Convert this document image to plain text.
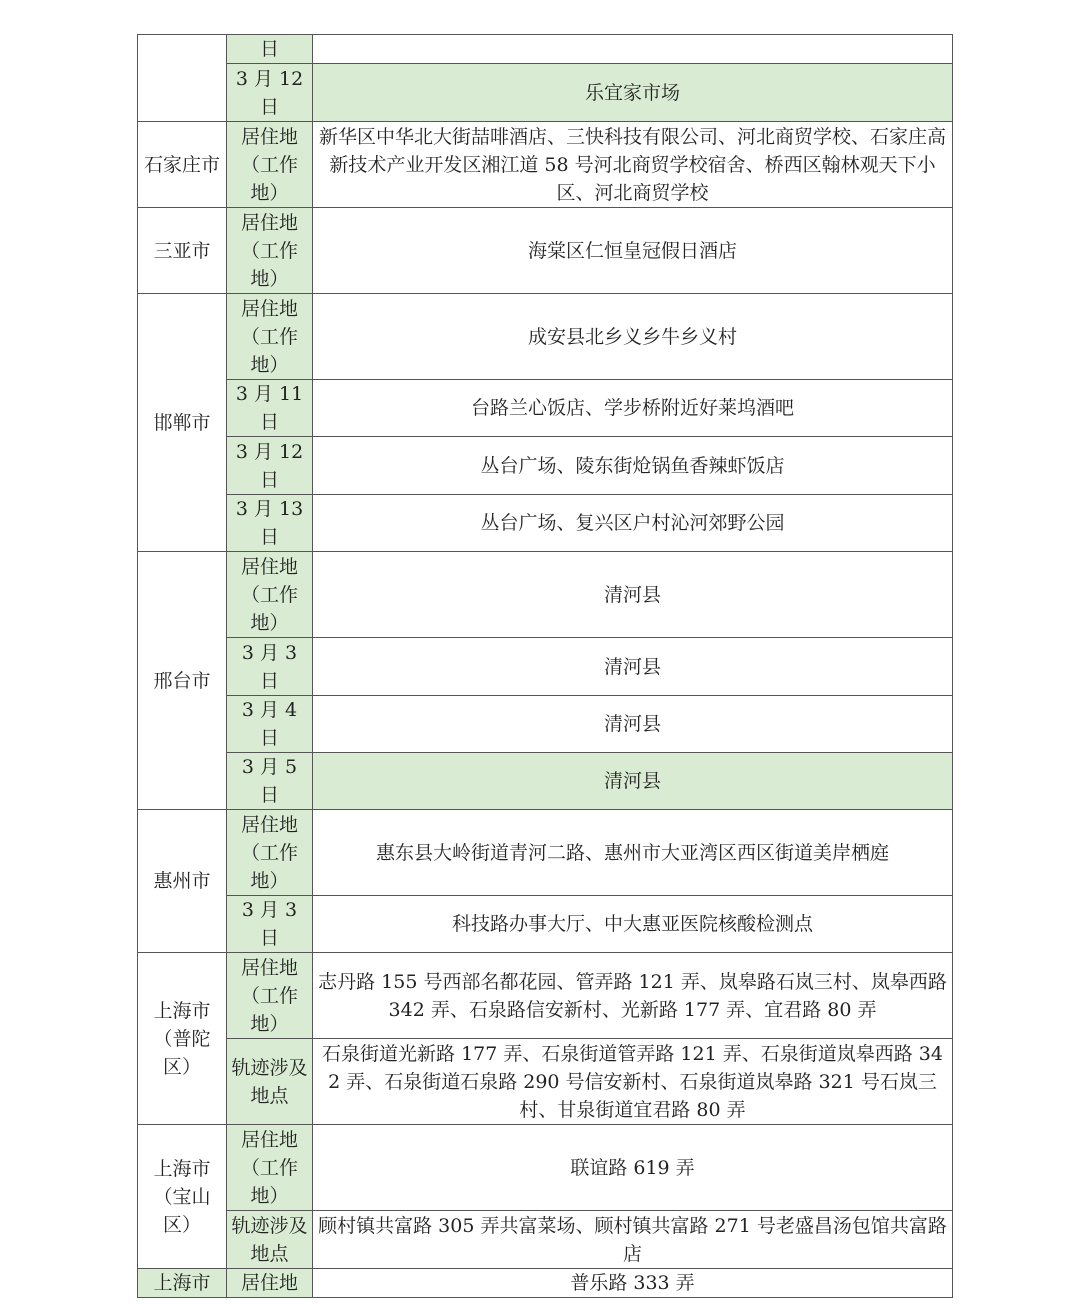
	日	
	3 月 12 日	乐宜家市场
石家庄市	居住地（工作地）	新华区中华北大街喆啡酒店、三快科技有限公司、河北商贸学校、石家庄高新技术产业开发区湘江道 58 号河北商贸学校宿舍、桥西区翰林观天下小区、河北商贸学校
三亚市	居住地（工作地）	海棠区仁恒皇冠假日酒店
邯郸市	居住地（工作地）	成安县北乡义乡牛乡义村
	3 月 11 日	台路兰心饭店、学步桥附近好莱坞酒吧
	3 月 12 日	丛台广场、陵东街炝锅鱼香辣虾饭店
	3 月 13 日	丛台广场、复兴区户村沁河郊野公园
邢台市	居住地（工作地）	清河县
	3 月 3 日	清河县
	3 月 4 日	清河县
	3 月 5 日	清河县
惠州市	居住地（工作地）	惠东县大岭街道青河二路、惠州市大亚湾区西区街道美岸栖庭
	3 月 3 日	科技路办事大厅、中大惠亚医院核酸检测点
上海市（普陀区）	居住地（工作地）	志丹路 155 号西部名都花园、管弄路 121 弄、岚皋路石岚三村、岚皋西路 342 弄、石泉路信安新村、光新路 177 弄、宜君路 80 弄
	轨迹涉及地点	石泉街道光新路 177 弄、石泉街道管弄路 121 弄、石泉街道岚皋西路 342 弄、石泉街道石泉路 290 号信安新村、石泉街道岚皋路 321 号石岚三村、甘泉街道宜君路 80 弄
上海市（宝山区）	居住地（工作地）	联谊路 619 弄
	轨迹涉及地点	顾村镇共富路 305 弄共富菜场、顾村镇共富路 271 号老盛昌汤包馆共富路店
上海市	居住地	普乐路 333 弄
